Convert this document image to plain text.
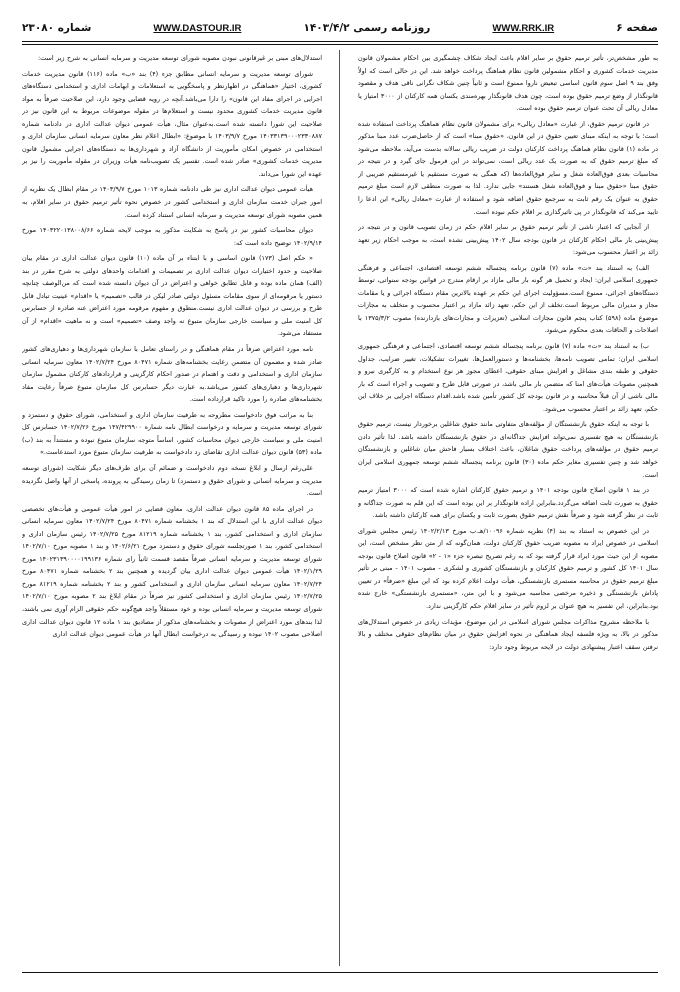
صفحه ۶
WWW.RRK.IR
روزنامه رسمی ۱۴۰۳/۴/۲
WWW.DASTOUR.IR
شماره ۲۳۰۸۰

به طور مشخص‌تر، تأثیر ترمیم حقوق بر سایر اقلام باعث ایجاد شکاف چشمگیری بین احکام مشمولان قانون مدیریت خدمات کشوری و احکام مشمولین قانون نظام هماهنگ پرداخت خواهد شد. این در حالی است که اولاً وفق بند ۹ اصل سوم قانون اساسی تبعیض ناروا ممنوع است و ثانیاً چنین شکاف نگرانی ناقی هدف و مقصود قانونگذار از وضع ترمیم حقوق بوده است، چون هدف قانونگذار بهره‌مندی یکسان همه کارکنان از ۳۰۰۰ امتیاز یا معادل ریالی آن تحت عنوان ترمیم حقوق بوده است.

در قانون ترمیم حقوق، از عبارت «معادل ریالی» برای مشمولان قانون نظام هماهنگ پرداخت استفاده شده است؛ با توجه به اینکه مبنای تعیین حقوق در این قانون، «حقوق مبنا» است که از حاصل‌ضرب عدد مبنا مذکور در ماده (۱) قانون نظام هماهنگ پرداخت کارکنان دولت در ضریب ریالی سالانه بدست می‌آید، ملاحظه می‌شود که مبلغ ترمیم حقوق که به صورت یک عدد ریالی است، نمی‌تواند در این فرمول جای گیرد و در نتیجه در محاسبات بعدی فوق‌العاده شغل و سایر فوق‌العاده‌ها (که همگی به صورت مستقیم یا غیرمستقیم ضریبی از حقوق مبنا «حقوق مبنا و فوق‌العاده شغل هستند» جایی ندارد. لذا به صورت منطقی لازم است مبلغ ترمیم حقوق به عنوان یک رقم ثابت به سرجمع حقوق اضافه شود و استفاده از عبارت «معادل ریالی» این ادعا را تایید می‌کند که قانونگذار در پی تاثیرگذاری بر اقلام حکم نبوده است.

از آنجایی که اعتبار ناشی از تأثیر ترمیم حقوق بر سایر اقلام حکم در زمان تصویب قانون و در نتیجه در پیش‌بینی بار مالی احکام کارکنان در قانون بودجه سال ۱۴۰۲ پیش‌بینی نشده است، به موجب احکام زیر تعهد زائد بر اعتبار محسوب می‌شود:

الف) به استناد بند «ت» ماده (۷) قانون برنامه پنجساله ششم توسعه اقتصادی، اجتماعی و فرهنگی جمهوری اسلامی ایران: ایجاد و تحمیل هر گونه بار مالی مازاد بر ارقام مندرج در قوانین بودجه سنواتی، توسط دستگاه‌های اجرائی، ممنوع است.مسؤولیت اجرای این حکم بر عهده بالاترین مقام دستگاه اجرائی و یا مقامات مجاز و مدیران مالی مربوط است.تخلف از این حکم، تعهد زائد مازاد بر اعتبار محسوب و متخلف به مجازات موضوع ماده (۵۹۸) کتاب پنجم قانون مجازات اسلامی (تعزیرات و مجازات‌های بازدارنده) مصوب ۱۳۷۵/۳/۲ با اصلاحات و الحاقات بعدی محکوم می‌شود.

ب) به استناد بند «ت» ماده (۷) قانون برنامه پنجساله ششم توسعه اقتصادی، اجتماعی و فرهنگی جمهوری اسلامی ایران: تمامی تصویب نامه‌ها، بخشنامه‌ها و دستورالعمل‌ها، تغییرات تشکیلات، تغییر ضرایب، جداول حقوقی و طبقه بندی مشاغل و افزایش مبنای حقوقی، اعطای مجوز هر نوع استخدام و به کارگیری نیرو و همچنین مصوبات هیأت‌های امنا که متضمن بار مالی باشد، در صورتی قابل طرح و تصویب و اجراء است که بار مالی ناشی از آن قبلاً محاسبه و در قانون بودجه کل کشور تأمین شده باشد.اقدام دستگاه اجرایی بر خلاف این حکم، تعهد زائد بر اعتبار محسوب می‌شود.

با توجه به اینکه حقوق بازنشستگان از مؤلفه‌های متفاوتی مانند حقوق شاغلین برخوردار نیست، ترمیم حقوق بازنشستگان به هیچ تفسیری نمی‌تواند افزایش جداگانه‌ای در حقوق بازنشستگان داشته باشد. لذا تأثیر دادن ترمیم حقوق در مؤلفه‌های پرداخت حقوق شاغلان، باعث اختلاف بسیار فاحش میان شاغلین و بازنشستگان خواهد شد و چنین تفسیری مغایر حکم ماده (۳۰) قانون برنامه پنجساله ششم توسعه جمهوری اسلامی ایران است.

در بند ۱ قانون اصلاح قانون بودجه ۱۴۰۱ و ترمیم حقوق کارکنان اشاره شده است که ۳۰۰۰ امتیاز ترمیم حقوق به صورت ثابت اضافه می‌گردد.بنابراین اراده قانونگذار بر این بوده است که این قلم به صورت جداگانه و ثابت در نظر گرفته شود و صرفاً نقش ترمیم حقوق بصورت ثابت و یکسان برای همه کارکنان داشته باشد.

در این خصوص به استناد به بند (۴) نظریه شماره ۱۰۰۹۶/هـ.ب مورخ ۱۴۰۲/۲/۱۳ رئیس مجلس شورای اسلامی در خصوص ایراد به مصوبه ضریب حقوق کارکنان دولت، همان‌گونه که از متن نظر مشخص است، این مصوبه از این حیث مورد ایراد قرار گرفته بود که به رغم تصریح تبصره جزء «۱ - ۲» قانون اصلاح قانون بودجه سال ۱۴۰۱ کل کشور و ترمیم حقوق کارکنان و بازنشستگان کشوری و لشکری - مصوب ۱۴۰۱ - مبنی بر تأثیر مبلغ ترمیم حقوق در محاسبه مستمری بازنشستگی، هیأت دولت اعلام کرده بود که این مبلغ «صرفاً» در تعیین پاداش بازنشستگی و ذخیره مرخصی محاسبه می‌شود و با این متن، «مستمری بازنشستگی» خارج شده بود.بنابراین، این تفسیر به هیچ عنوان بر لزوم تأثیر در سایر اقلام حکم کارگزینی ندارد.

با ملاحظه مشروح مذاکرات مجلس شورای اسلامی در این موضوع، مؤیدات زیادی در خصوص استدلال‌های مذکور در بالا، به ویژه فلسفه ایجاد هماهنگی در نحوه افزایش حقوق در میان نظام‌های حقوقی مختلف و بالا نرفتن سقف اعتبار پیشنهادی دولت در لایحه مربوط وجود دارد:

استدلال‌های مبنی بر غیرقانونی نبودن مصوبه شورای توسعه مدیریت و سرمایه انسانی به شرح زیر است:

شورای توسعه مدیریت و سرمایه انسانی مطابق جزء (۴) بند «ب» ماده (۱۱۶) قانون مدیریت خدمات کشوری، اختیار «هماهنگی در اظهارنظر و پاسخگویی به استعلامات و ابهامات اداری و استخدامی دستگاه‌های اجرایی در اجرای مفاد این قانون» را دارا می‌باشد.آنچه در رویه قضایی وجود دارد، این صلاحیت صرفاً به مواد قانون مدیریت خدمات کشوری محدود نیست و استعلام‌ها در مقوله موضوعات مربوط به این قانون نیز در صلاحیت این شورا دانسته شده است.به‌عنوان مثال، هیأت عمومی دیوان عدالت اداری در دادنامه شماره ۱۴۰۳۳۱۳۹۰۰۰۲۳۳۰۸۸۷ مورخ ۱۴۰۳/۹/۷ با موضوع: «ابطال اعلام نظر معاون سرمایه انسانی سازمان اداری و استخدامی در خصوص امکان مأموریت از دانشگاه آزاد و شهرداری‌ها به دستگاه‌های اجرایی مشمول قانون مدیریت خدمات کشوری» صادر شده است. تفسیر یک تصویب‌نامه هیأت وزیران در مقوله مأموریت را نیز بر عهده این شورا می‌داند.

هیأت عمومی دیوان عدالت اداری نیز طی دادنامه شماره ۱۰۱۳ مورخ ۱۴۰۳/۹/۷ در مقام ابطال یک نظریه از امور جبران خدمت سازمان اداری و استخدامی کشور در خصوص نحوه تأثیر ترمیم حقوق در سایر اقلام، به همین مصوبه شورای توسعه مدیریت و سرمایه انسانی استناد کرده است.

دیوان محاسبات کشور نیز در پاسخ به شکایت مذکور به موجب لایحه شماره ۱۴۰۳۲۲۰۱۳۸۰۰۸/۶۶ مورخ ۱۴۰۲/۹/۱۴ توضیح داده است که:

« حکم اصل (۱۷۳) قانون اساسی و با ابتناء بر آن ماده (۱۰) قانون دیوان عدالت اداری در مقام بیان صلاحیت و حدود اختیارات دیوان عدالت اداری بر تصمیمات و اقدامات واحدهای دولتی به شرح مقرر در بند (الف) همان ماده بوده و قابل تطابق خواهی و اعتراض در آن دیوان دانسته شده است که من‌الوصف چنانچه دستور یا مرقومه‌ای از سوی مقامات مسئول دولتی صادر لیکن در قالب «تصمیم» یا «اقدام» عینیت تبادل قابل طرح و بررسی در دیوان عدالت اداری نیست.منطوق و مفهوم مرقومه مورد اعتراض عنه صادره از حسابرس کل امنیت ملی و سیاست خارجی سازمان متبوع نه واجد وصف «تصمیم» است و نه ماهیت «اقدام» از آن مستفاد می‌شود.

نامه مورد اعتراض صرفاً در مقام هماهنگی و در راستای تعامل با سازمان شهرداری‌ها و دهیاری‌های کشور صادر شده و مضمون آن متضمن رعایت بخشنامه‌های شماره ۸۰۴۷۱ مورخ ۱۴۰۲/۷/۲۴ معاون سرمایه انسانی سازمان اداری و استخدامی و دقت و اهتمام در صدور احکام کارگزینی و قراردادهای کارکنان مشمول سازمان شهرداری‌ها و دهیاری‌های کشور می‌باشد.به عبارت دیگر حسابرس کل سازمان متبوع صرفاً رعایت مفاد بخشنامه‌های صادره را مورد تاکید قرارداده است.

بنا به مراتب فوق دادخواست مطروحه به طرفیت سازمان اداری و استخدامی، شورای حقوق و دستمزد و شورای توسعه مدیریت و سرمایه و درخواست ابطال نامه شماره ۱۴۷/۴۲۹۹۰۰ مورخ ۱۴۰۲/۷/۲۶ حسابرس کل امنیت ملی و سیاست خارجی دیوان محاسبات کشور، اساساً متوجه سازمان متبوع نبوده و مستنداً به بند (ب) ماده (۵۳) قانون دیوان عدالت اداری تقاضای رد دادخواست به طرفیت سازمان متبوع مورد استدعاست.»

علی‌رغم ارسال و ابلاغ نسخه دوم دادخواست و ضمائم آن برای طرف‌های دیگر شکایت (شورای توسعه مدیریت و سرمایه انسانی و شورای حقوق و دستمزد) تا زمان رسیدگی به پرونده، پاسخی از آنها واصل نگردیده است.

در اجرای ماده ۸۵ قانون دیوان عدالت اداری، معاون قضایی در امور هیأت عمومی و هیأت‌های تخصصی دیوان عدالت اداری با این استدلال که بند ۱ بخشنامه شماره ۸۰۴۷۱ مورخ ۱۴۰۲/۷/۲۴ معاون سرمایه انسانی سازمان اداری و استخدامی کشور، بند ۱ بخشنامه شماره ۸۱۲۱۹ مورخ ۱۴۰۲/۷/۲۵ رئیس سازمان اداری و استخدامی کشور، بند ۱ صورتجلسه شورای حقوق و دستمزد مورخ ۱۴۰۲/۶/۲۱ و بند ۱ مصوبه مورخ ۱۴۰۲/۷/۱۰ شورای توسعه مدیریت و سرمایه انسانی صرفاً مقصد قسمت ثانیاً رای شماره ۱۴۰۲۳۱۳۹۰۰۰۰۱۹۹۱۳۶ مورخ ۱۴۰۲/۱/۲۹ هیأت عمومی دیوان عدالت اداری بیان گردیده و همچنین بند ۲ بخشنامه شماره ۸۰۴۷۱ مورخ ۱۴۰۲/۷/۲۴ معاون سرمایه انسانی سازمان اداری و استخدامی کشور و بند ۲ بخشنامه شماره ۸۱۲۱۹ مورخ ۱۴۰۲/۷/۲۵ رئیس سازمان اداری و استخدامی کشور نیز صرفاً در مقام ابلاغ بند ۲ مصوبه مورخ ۱۴۰۲/۷/۱۰ شورای توسعه مدیریت و سرمایه انسانی بوده و خود مستقلاً واجد هیچ‌گونه حکم حقوقی الزام آوری نمی باشند، لذا بندهای مورد اعتراض از مصوبات و بخشنامه‌های مذکور از مصادیق بند ۱ ماده ۱۲ قانون دیوان عدالت اداری اصلاحی مصوب ۱۴۰۲ نبوده و رسیدگی به درخواست ابطال آنها در هیأت عمومی دیوان عدالت اداری
